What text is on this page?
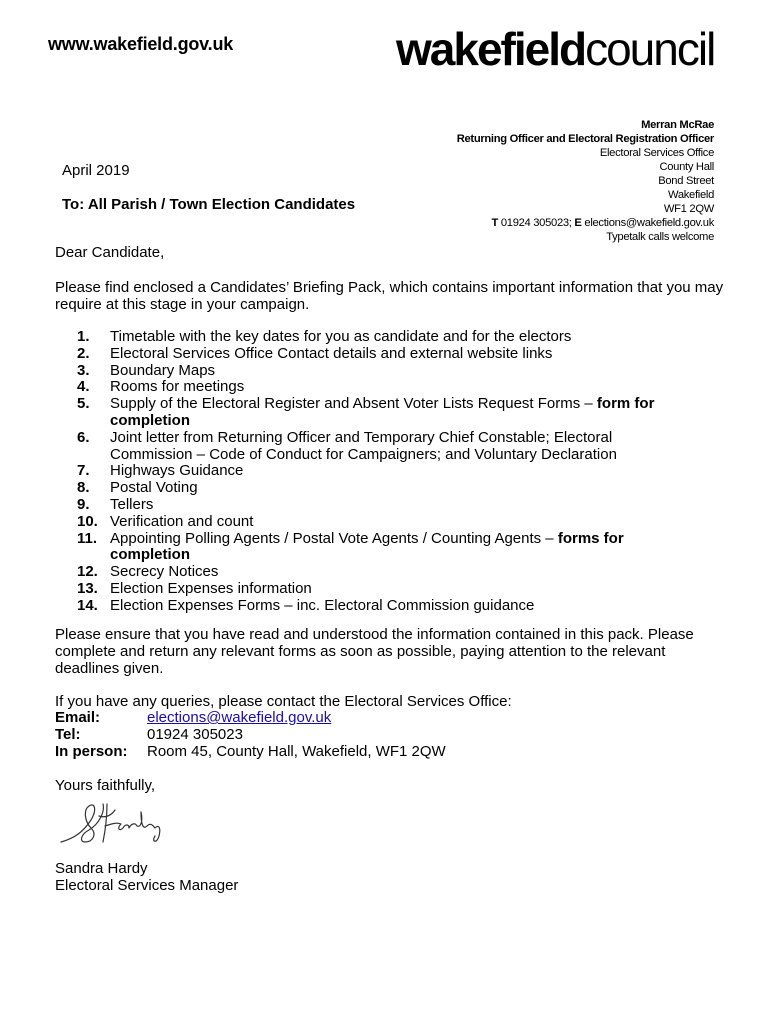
www.wakefield.gov.uk	wakefieldcouncil
Merran McRae
Returning Officer and Electoral Registration Officer
Electoral Services Office
County Hall
Bond Street
Wakefield
WF1 2QW
T 01924 305023; E elections@wakefield.gov.uk
Typetalk calls welcome
April 2019
To: All Parish / Town Election Candidates
Dear Candidate,
Please find enclosed a Candidates’ Briefing Pack, which contains important information that you may require at this stage in your campaign.
1.	Timetable with the key dates for you as candidate and for the electors
2.	Electoral Services Office Contact details and external website links
3.	Boundary Maps
4.	Rooms for meetings
5.	Supply of the Electoral Register and Absent Voter Lists Request Forms – form for completion
6.	Joint letter from Returning Officer and Temporary Chief Constable; Electoral Commission – Code of Conduct for Campaigners; and Voluntary Declaration
7.	Highways Guidance
8.	Postal Voting
9.	Tellers
10. Verification and count
11. Appointing Polling Agents / Postal Vote Agents / Counting Agents – forms for completion
12. Secrecy Notices
13. Election Expenses information
14. Election Expenses Forms – inc. Electoral Commission guidance
Please ensure that you have read and understood the information contained in this pack. Please complete and return any relevant forms as soon as possible, paying attention to the relevant deadlines given.
If you have any queries, please contact the Electoral Services Office:
Email:	elections@wakefield.gov.uk
Tel:	01924 305023
In person:	Room 45, County Hall, Wakefield, WF1 2QW
Yours faithfully,
Sandra Hardy
Electoral Services Manager
